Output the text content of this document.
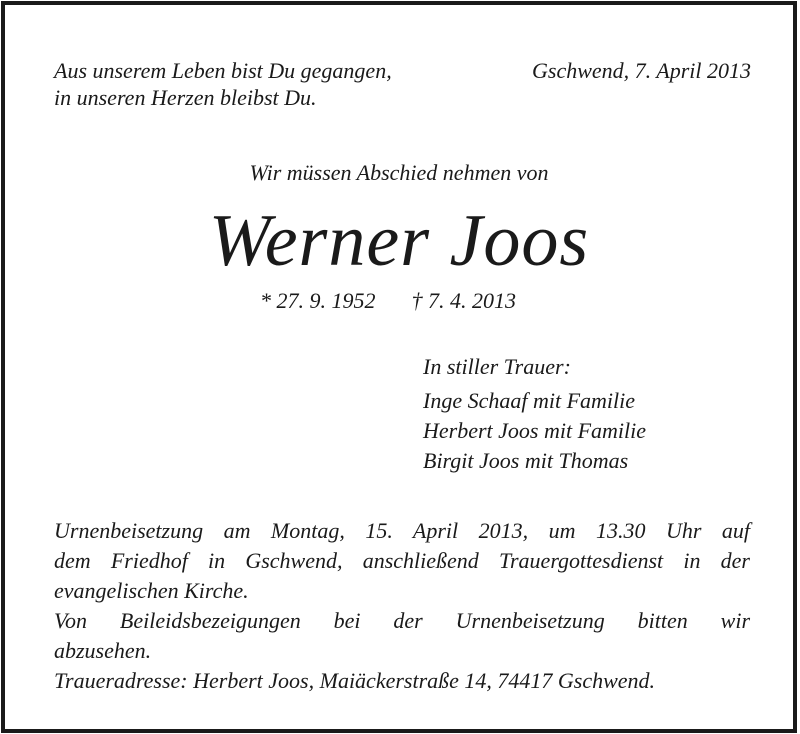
Aus unserem Leben bist Du gegangen,
in unseren Herzen bleibst Du.
Gschwend, 7. April 2013
Wir müssen Abschied nehmen von
Werner Joos
* 27. 9. 1952 † 7. 4. 2013
In stiller Trauer:
Inge Schaaf mit Familie
Herbert Joos mit Familie
Birgit Joos mit Thomas
Urnenbeisetzung am Montag, 15. April 2013, um 13.30 Uhr auf
dem Friedhof in Gschwend, anschließend Trauergottesdienst in der
evangelischen Kirche.
Von Beileidsbezeigungen bei der Urnenbeisetzung bitten wir
abzusehen.
Traueradresse: Herbert Joos, Maiäckerstraße 14, 74417 Gschwend.
